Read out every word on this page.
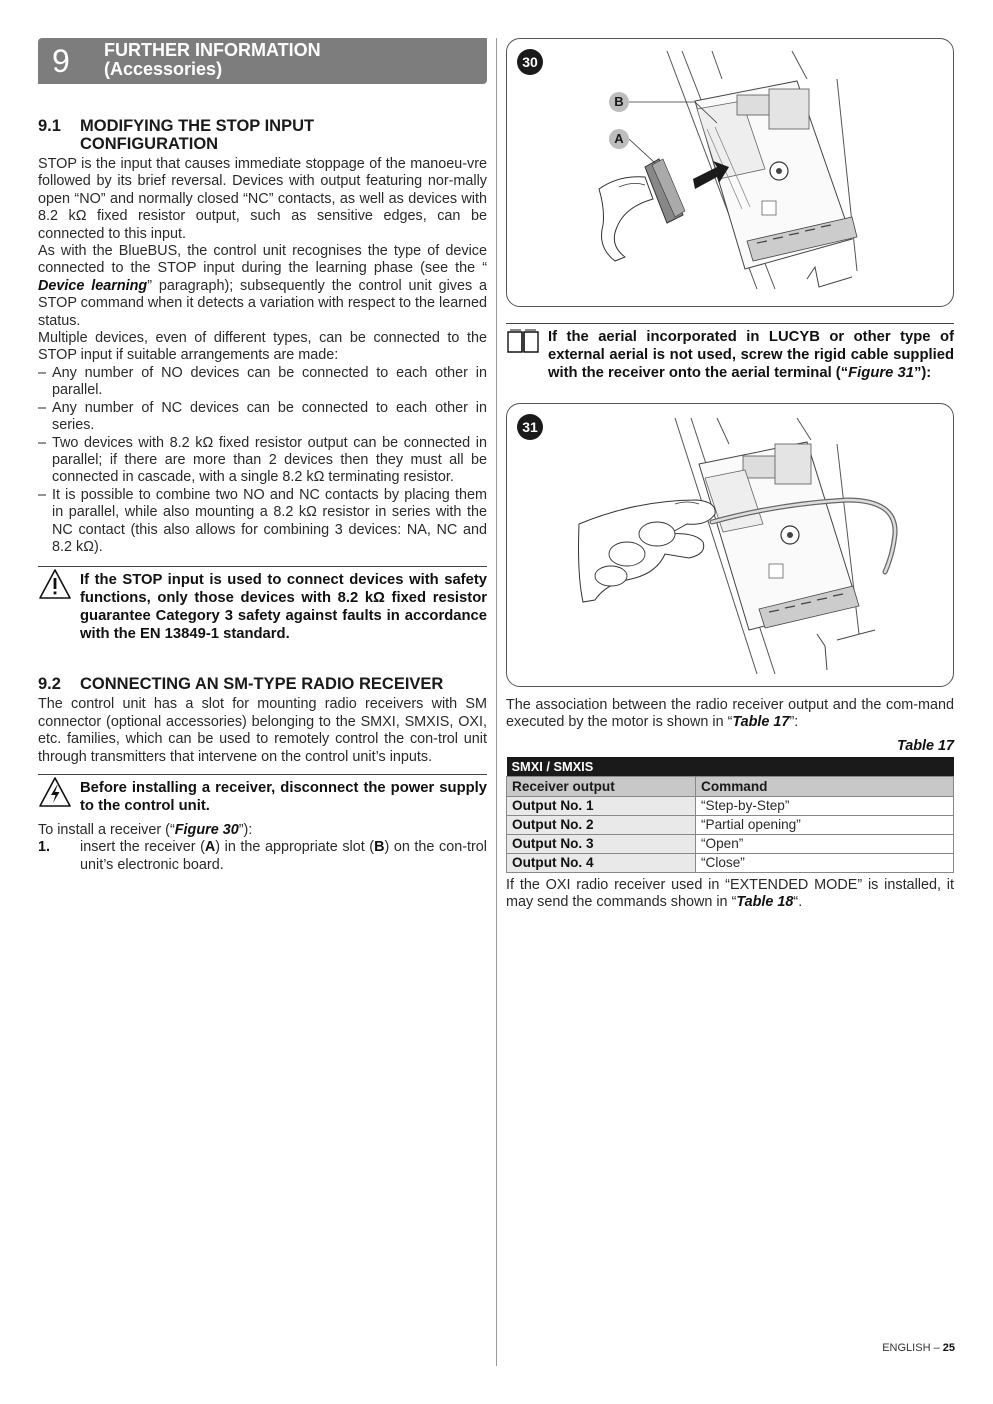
9 FURTHER INFORMATION
(Accessories)
9.1 MODIFYING THE STOP INPUT
CONFIGURATION

STOP is the input that causes immediate stoppage of the manoeu-vre followed by its brief reversal. Devices with output featuring nor-mally open “NO” and normally closed “NC” contacts, as well as devices with 8.2 kΩ fixed resistor output, such as sensitive edges, can be connected to this input.

As with the BlueBUS, the control unit recognises the type of device connected to the STOP input during the learning phase (see the “ Device learning” paragraph); subsequently the control unit gives a STOP command when it detects a variation with respect to the learned status.

Multiple devices, even of different types, can be connected to the STOP input if suitable arrangements are made:

– Any number of NO devices can be connected to each other in parallel.
– Any number of NC devices can be connected to each other in series.
– Two devices with 8.2 kΩ fixed resistor output can be connected in parallel; if there are more than 2 devices then they must all be connected in cascade, with a single 8.2 kΩ terminating resistor.
– It is possible to combine two NO and NC contacts by placing them in parallel, while also mounting a 8.2 kΩ resistor in series with the NC contact (this also allows for combining 3 devices: NA, NC and 8.2 kΩ).
If the STOP input is used to connect devices with safety functions, only those devices with 8.2 kΩ fixed resistor guarantee Category 3 safety against faults in accordance with the EN 13849-1 standard.
9.2 CONNECTING AN SM-TYPE RADIO RECEIVER

The control unit has a slot for mounting radio receivers with SM connector (optional accessories) belonging to the SMXI, SMXIS, OXI, etc. families, which can be used to remotely control the con-trol unit through transmitters that intervene on the control unit’s inputs.

Before installing a receiver, disconnect the power supply to the control unit.

To install a receiver (“Figure 30”):

1. insert the receiver (A) in the appropriate slot (B) on the con-trol unit’s electronic board.
30
B
A
If the aerial incorporated in LUCYB or other type of external aerial is not used, screw the rigid cable supplied with the receiver onto the aerial terminal (“Figure 31”):
31

The association between the radio receiver output and the com-mand executed by the motor is shown in “Table 17”:

Table 17

SMXI / SMXIS	
Receiver output	Command
Output No. 1	“Step-by-Step”
Output No. 2	“Partial opening”
Output No. 3	“Open”
Output No. 4	“Close”

If the OXI radio receiver used in “EXTENDED MODE” is installed, it may send the commands shown in “Table 18“.

ENGLISH – 25
